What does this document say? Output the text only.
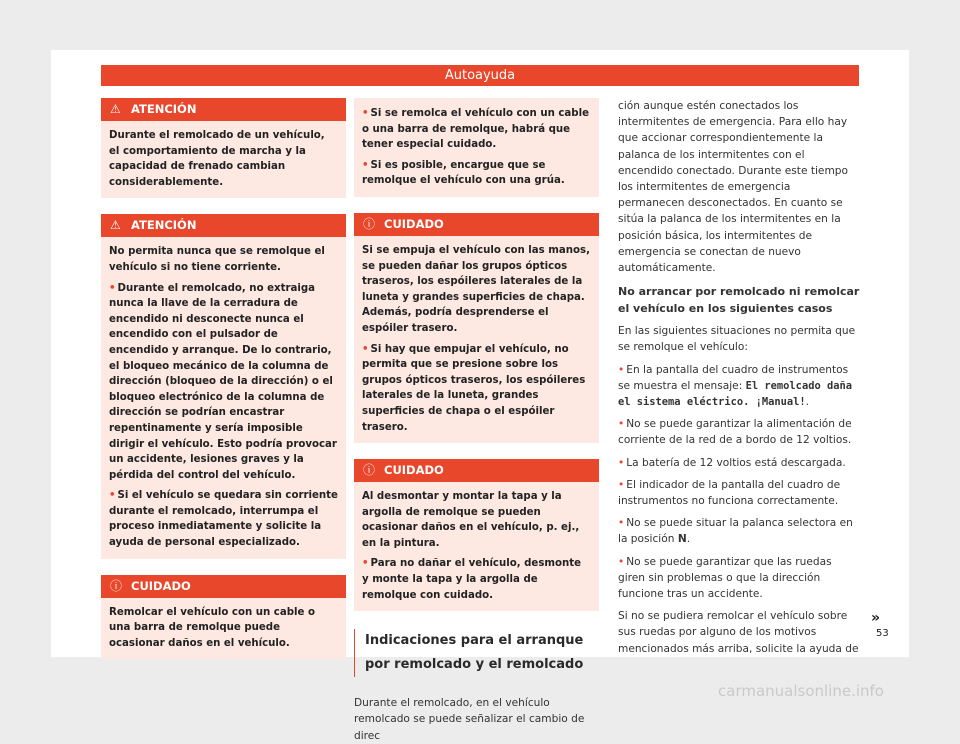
Autoayuda
⚠ ATENCIÓN

Durante el remolcado de un vehículo, el comportamiento de marcha y la capacidad de frenado cambian considerablemente.

⚠ ATENCIÓN

No permita nunca que se remolque el vehículo si no tiene corriente.

• Durante el remolcado, no extraiga nunca la llave de la cerradura de encendido ni desconecte nunca el encendido con el pulsador de encendido y arranque. De lo contrario, el bloqueo mecánico de la columna de dirección (bloqueo de la dirección) o el bloqueo electrónico de la columna de dirección se podrían encastrar repentinamente y sería imposible dirigir el vehículo. Esto podría provocar un accidente, lesiones graves y la pérdida del control del vehículo.

• Si el vehículo se quedara sin corriente durante el remolcado, interrumpa el proceso inmediatamente y solicite la ayuda de personal especializado.

ⓘ CUIDADO

Remolcar el vehículo con un cable o una barra de remolque puede ocasionar daños en el vehículo.

• Si se remolca el vehículo con un cable o una barra de remolque, habrá que tener especial cuidado.

• Si es posible, encargue que se remolque el vehículo con una grúa.

ⓘ CUIDADO

Si se empuja el vehículo con las manos, se pueden dañar los grupos ópticos traseros, los espóileres laterales de la luneta y grandes superficies de chapa. Además, podría desprenderse el espóiler trasero.

• Si hay que empujar el vehículo, no permita que se presione sobre los grupos ópticos traseros, los espóileres laterales de la luneta, grandes superficies de chapa o el espóiler trasero.

ⓘ CUIDADO

Al desmontar y montar la tapa y la argolla de remolque se pueden ocasionar daños en el vehículo, p. ej., en la pintura.

• Para no dañar el vehículo, desmonte y monte la tapa y la argolla de remolque con cuidado.

Indicaciones para el arranque por remolcado y el remolcado

Durante el remolcado, en el vehículo remolcado se puede señalizar el cambio de direc

ción aunque estén conectados los intermitentes de emergencia. Para ello hay que accionar correspondientemente la palanca de los intermitentes con el encendido conectado. Durante este tiempo los intermitentes de emergencia permanecen desconectados. En cuanto se sitúa la palanca de los intermitentes en la posición básica, los intermitentes de emergencia se conectan de nuevo automáticamente.

No arrancar por remolcado ni remolcar el vehículo en los siguientes casos

En las siguientes situaciones no permita que se remolque el vehículo:

• En la pantalla del cuadro de instrumentos se muestra el mensaje: El remolcado daña el sistema eléctrico. ¡Manual!.

• No se puede garantizar la alimentación de corriente de la red de a bordo de 12 voltios.

• La batería de 12 voltios está descargada.

• El indicador de la pantalla del cuadro de instrumentos no funciona correctamente.

• No se puede situar la palanca selectora en la posición N.

• No se puede garantizar que las ruedas giren sin problemas o que la dirección funcione tras un accidente.

Si no se pudiera remolcar el vehículo sobre sus ruedas por alguno de los motivos mencionados más arriba, solicite la ayuda de

»
53
carmanualsonline.info
